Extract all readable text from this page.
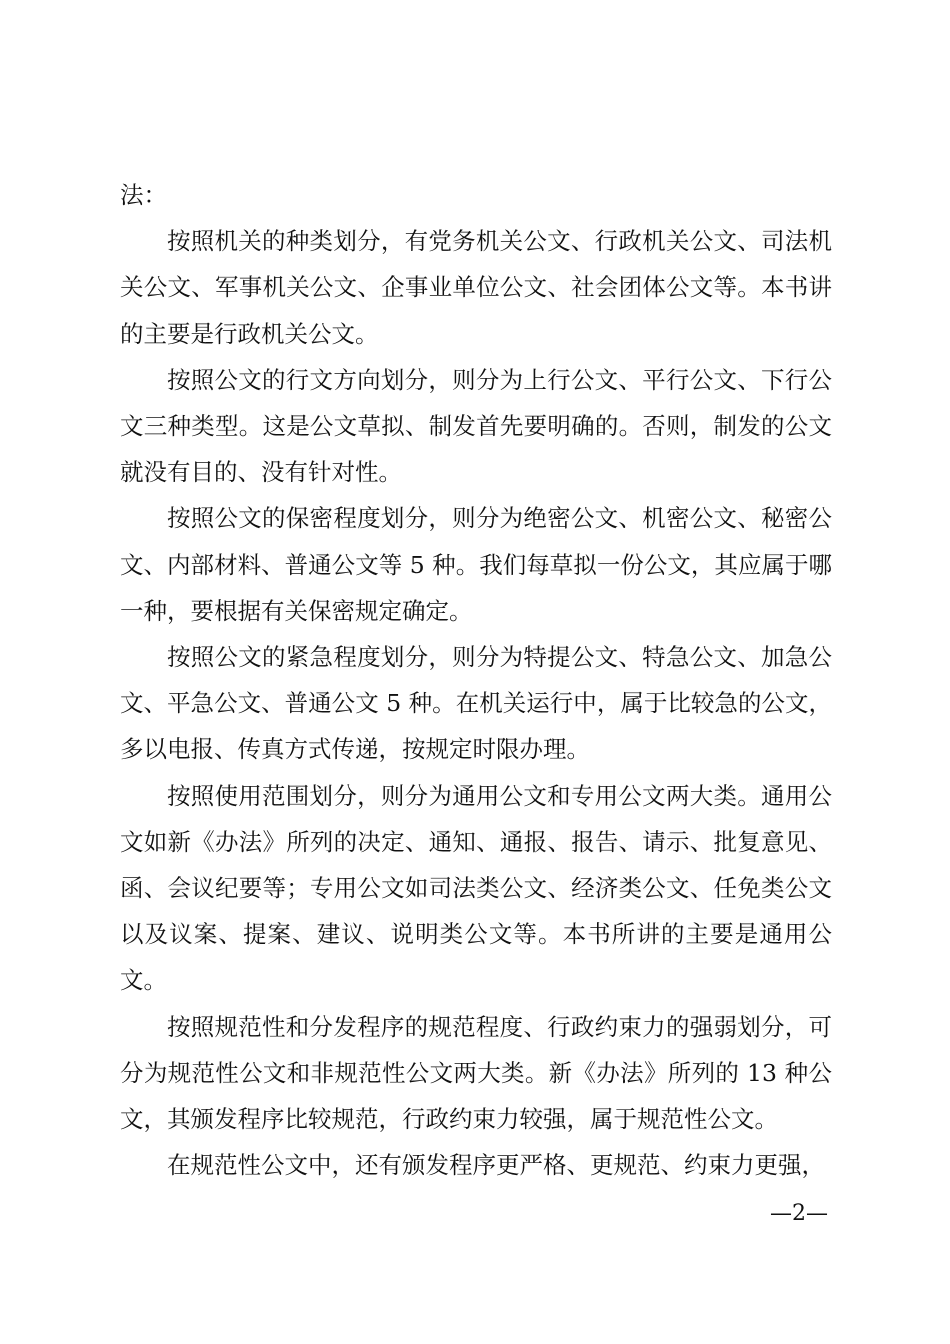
法：

按照机关的种类划分，有党务机关公文、行政机关公文、司法机关公文、军事机关公文、企事业单位公文、社会团体公文等。本书讲的主要是行政机关公文。

按照公文的行文方向划分，则分为上行公文、平行公文、下行公文三种类型。这是公文草拟、制发首先要明确的。否则，制发的公文就没有目的、没有针对性。

按照公文的保密程度划分，则分为绝密公文、机密公文、秘密公文、内部材料、普通公文等 5 种。我们每草拟一份公文，其应属于哪一种，要根据有关保密规定确定。

按照公文的紧急程度划分，则分为特提公文、特急公文、加急公文、平急公文、普通公文 5 种。在机关运行中，属于比较急的公文，多以电报、传真方式传递，按规定时限办理。

按照使用范围划分，则分为通用公文和专用公文两大类。通用公文如新《办法》所列的决定、通知、通报、报告、请示、批复意见、函、会议纪要等；专用公文如司法类公文、经济类公文、任免类公文以及议案、提案、建议、说明类公文等。本书所讲的主要是通用公文。

按照规范性和分发程序的规范程度、行政约束力的强弱划分，可分为规范性公文和非规范性公文两大类。新《办法》所列的 13 种公文，其颁发程序比较规范，行政约束力较强，属于规范性公文。

在规范性公文中，还有颁发程序更严格、更规范、约束力更强，

—2—
